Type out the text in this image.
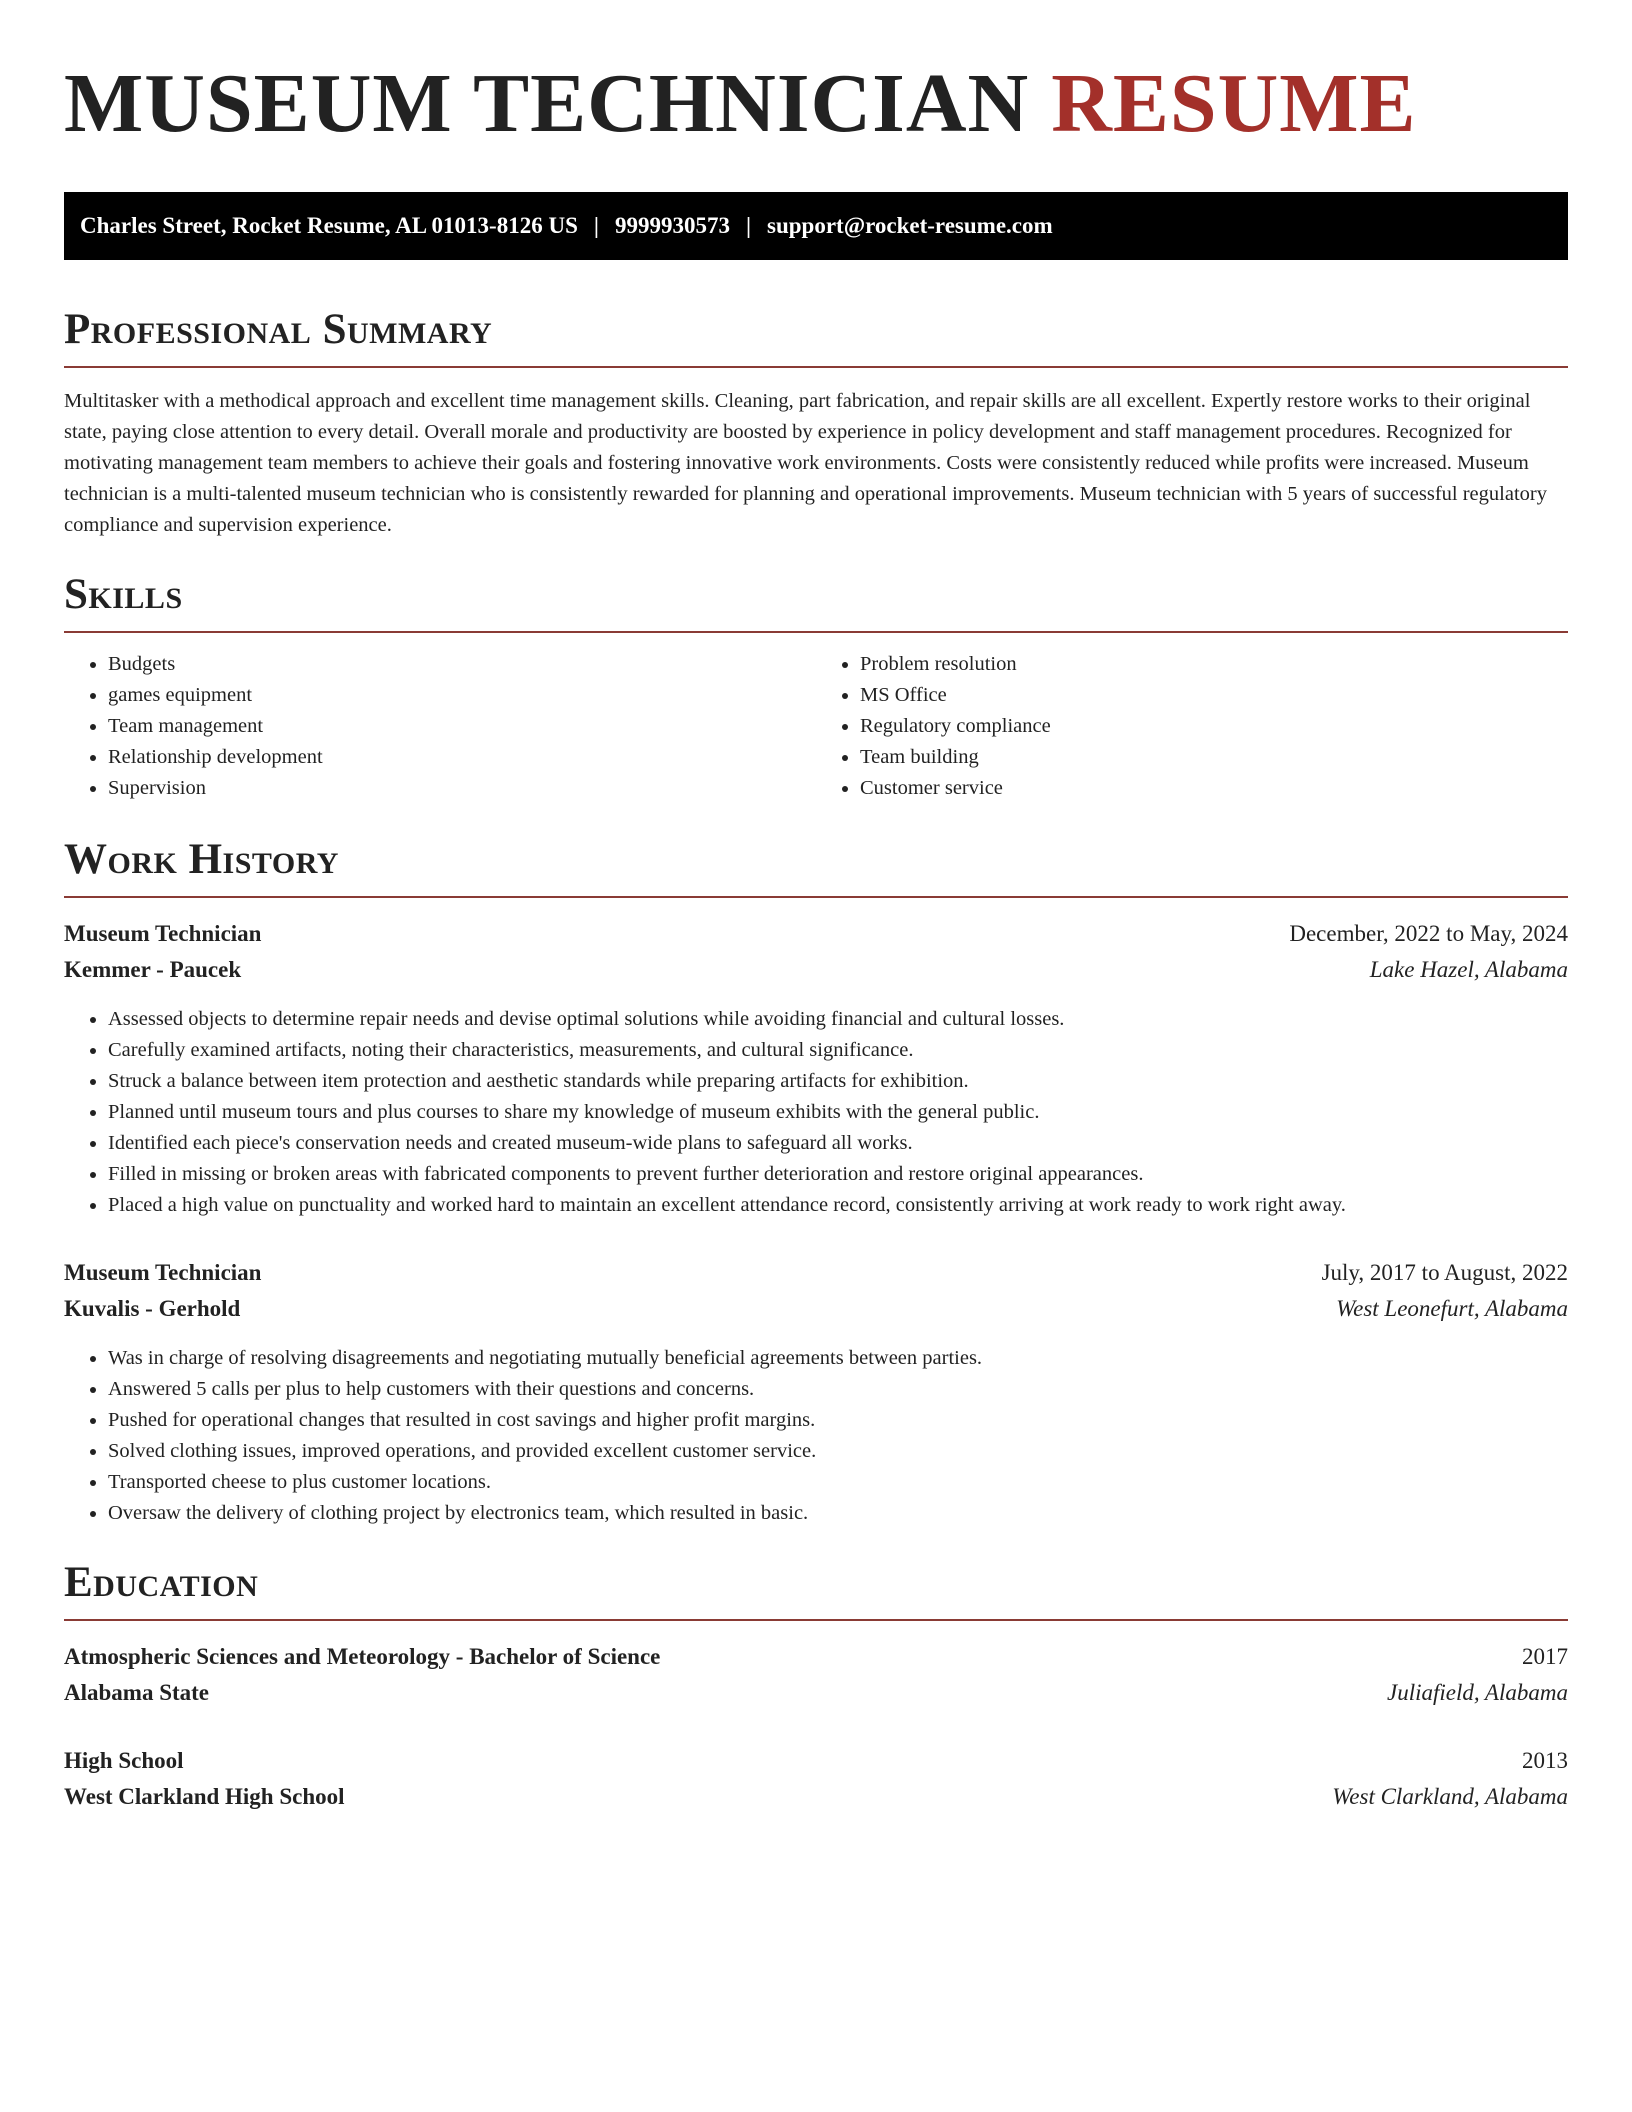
MUSEUM TECHNICIAN RESUME
Charles Street, Rocket Resume, AL 01013-8126 US | 9999930573 | support@rocket-resume.com
Professional Summary

Multitasker with a methodical approach and excellent time management skills. Cleaning, part fabrication, and repair skills are all excellent. Expertly restore works to their original state, paying close attention to every detail. Overall morale and productivity are boosted by experience in policy development and staff management procedures. Recognized for motivating management team members to achieve their goals and fostering innovative work environments. Costs were consistently reduced while profits were increased. Museum technician is a multi-talented museum technician who is consistently rewarded for planning and operational improvements. Museum technician with 5 years of successful regulatory compliance and supervision experience.

Skills
• Budgets
• games equipment
• Team management
• Relationship development
• Supervision
• Problem resolution
• MS Office
• Regulatory compliance
• Team building
• Customer service
Work History
Museum Technician	December, 2022 to May, 2024
Kemmer - Paucek	Lake Hazel, Alabama
• Assessed objects to determine repair needs and devise optimal solutions while avoiding financial and cultural losses.
• Carefully examined artifacts, noting their characteristics, measurements, and cultural significance.
• Struck a balance between item protection and aesthetic standards while preparing artifacts for exhibition.
• Planned until museum tours and plus courses to share my knowledge of museum exhibits with the general public.
• Identified each piece's conservation needs and created museum-wide plans to safeguard all works.
• Filled in missing or broken areas with fabricated components to prevent further deterioration and restore original appearances.
• Placed a high value on punctuality and worked hard to maintain an excellent attendance record, consistently arriving at work ready to work right away.
Museum Technician	July, 2017 to August, 2022
Kuvalis - Gerhold	West Leonefurt, Alabama
• Was in charge of resolving disagreements and negotiating mutually beneficial agreements between parties.
• Answered 5 calls per plus to help customers with their questions and concerns.
• Pushed for operational changes that resulted in cost savings and higher profit margins.
• Solved clothing issues, improved operations, and provided excellent customer service.
• Transported cheese to plus customer locations.
• Oversaw the delivery of clothing project by electronics team, which resulted in basic.
Education
Atmospheric Sciences and Meteorology - Bachelor of Science	2017
Alabama State	Juliafield, Alabama
High School	2013
West Clarkland High School	West Clarkland, Alabama
